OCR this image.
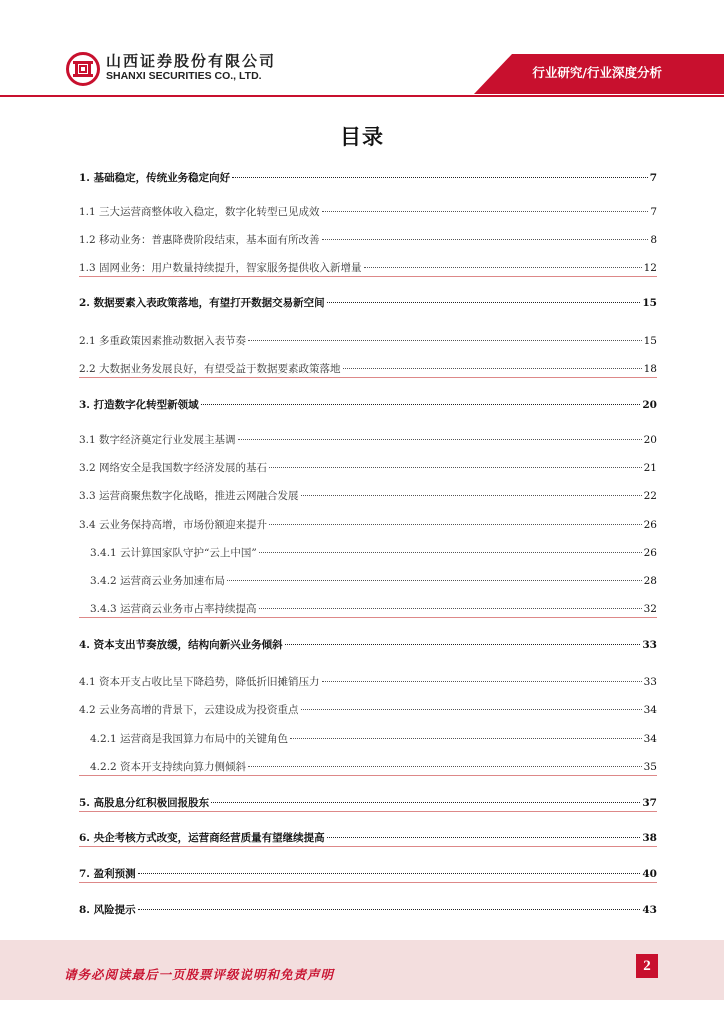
山西证券股份有限公司
SHANXI SECURITIES CO., LTD.	行业研究/行业深度分析
目录
1. 基础稳定，传统业务稳定向好	7
1.1 三大运营商整体收入稳定，数字化转型已见成效	7
1.2 移动业务：普惠降费阶段结束，基本面有所改善	8
1.3 固网业务：用户数量持续提升，智家服务提供收入新增量	12
2. 数据要素入表政策落地，有望打开数据交易新空间	15
2.1 多重政策因素推动数据入表节奏	15
2.2 大数据业务发展良好，有望受益于数据要素政策落地	18
3. 打造数字化转型新领域	20
3.1 数字经济奠定行业发展主基调	20
3.2 网络安全是我国数字经济发展的基石	21
3.3 运营商聚焦数字化战略，推进云网融合发展	22
3.4 云业务保持高增，市场份额迎来提升	26
3.4.1 云计算国家队守护“云上中国”	26
3.4.2 运营商云业务加速布局	28
3.4.3 运营商云业务市占率持续提高	32
4. 资本支出节奏放缓，结构向新兴业务倾斜	33
4.1 资本开支占收比呈下降趋势，降低折旧摊销压力	33
4.2 云业务高增的背景下，云建设成为投资重点	34
4.2.1 运营商是我国算力布局中的关键角色	34
4.2.2 资本开支持续向算力侧倾斜	35
5. 高股息分红积极回报股东	37
6. 央企考核方式改变，运营商经营质量有望继续提高	38
7. 盈利预测	40
8. 风险提示	43
请务必阅读最后一页股票评级说明和免责声明
2
